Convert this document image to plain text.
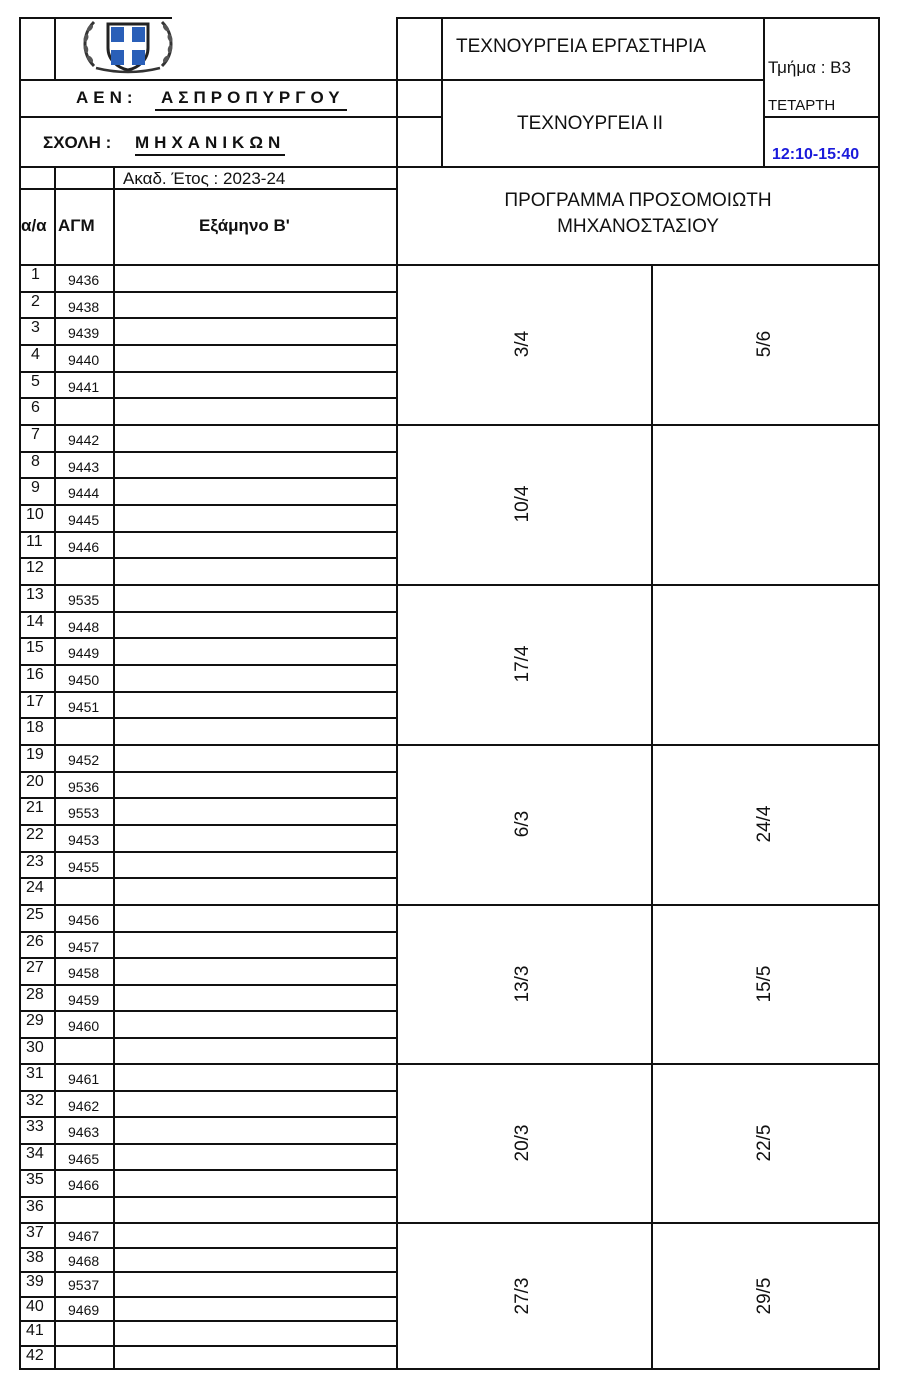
ΤΕΧΝΟΥΡΓΕΙΑ ΕΡΓΑΣΤΗΡΙΑ
Τμήμα : Β3
ΑΕΝ:	ΑΣΠΡΟΠΥΡΓΟΥ
ΤΕΧΝΟΥΡΓΕΙΑ ΙΙ
ΤΕΤΑΡΤΗ
ΣΧΟΛΗ : ΜΗΧΑΝΙΚΩΝ
12:10-15:40
Ακαδ. Έτος : 2023-24
α/α ΑΓΜ	Εξάμηνο Β'
ΠΡΟΓΡΑΜΜΑ ΠΡΟΣΟΜΟΙΩΤΗ
ΜΗΧΑΝΟΣΤΑΣΙΟΥ
1 9436
2 9438
3 9439
4 9440
5 9441
6
7 9442
8 9443
9 9444
10 9445
11 9446
12
13 9535
14 9448
15 9449
16 9450
17 9451
18
19 9452
20 9536
21 9553
22 9453
23 9455
24
25 9456
26 9457
27 9458
28 9459
29 9460
30
31 9461
32 9462
33 9463
34 9465
35 9466
36
37 9467
38 9468
39 9537
40 9469
41
42
3/4	5/6
10/4
17/4
6/3	24/4
13/3	15/5
20/3	22/5
27/3	29/5
